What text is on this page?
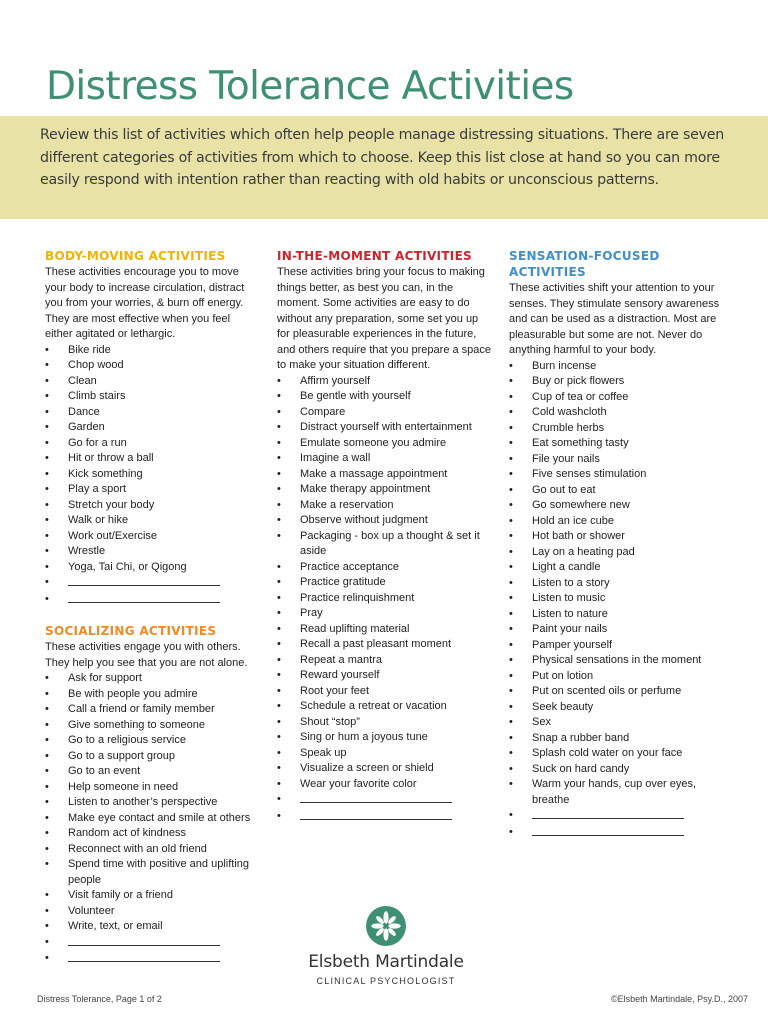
Distress Tolerance Activities
Review this list of activities which often help people manage distressing situations. There are seven different categories of activities from which to choose. Keep this list close at hand so you can more easily respond with intention rather than reacting with old habits or unconscious patterns.
BODY-MOVING ACTIVITIES
These activities encourage you to move your body to increase circulation, distract you from your worries, & burn off energy. They are most effective when you feel either agitated or lethargic.
• Bike ride
• Chop wood
• Clean
• Climb stairs
• Dance
• Garden
• Go for a run
• Hit or throw a ball
• Kick something
• Play a sport
• Stretch your body
• Walk or hike
• Work out/Exercise
• Wrestle
• Yoga, Tai Chi, or Qigong
•
•
IN-THE-MOMENT ACTIVITIES
These activities bring your focus to making things better, as best you can, in the moment. Some activities are easy to do without any preparation, some set you up for pleasurable experiences in the future, and others require that you prepare a space to make your situation different.
• Affirm yourself
• Be gentle with yourself
• Compare
• Distract yourself with entertainment
• Emulate someone you admire
• Imagine a wall
• Make a massage appointment
• Make therapy appointment
• Make a reservation
• Observe without judgment
• Packaging - box up a thought & set it aside
• Practice acceptance
• Practice gratitude
• Practice relinquishment
• Pray
• Read uplifting material
• Recall a past pleasant moment
• Repeat a mantra
• Reward yourself
• Root your feet
• Schedule a retreat or vacation
• Shout “stop”
• Sing or hum a joyous tune
• Speak up
• Visualize a screen or shield
• Wear your favorite color
•
•
SENSATION-FOCUSED ACTIVITIES
These activities shift your attention to your senses. They stimulate sensory awareness and can be used as a distraction. Most are pleasurable but some are not. Never do anything harmful to your body.
• Burn incense
• Buy or pick flowers
• Cup of tea or coffee
• Cold washcloth
• Crumble herbs
• Eat something tasty
• File your nails
• Five senses stimulation
• Go out to eat
• Go somewhere new
• Hold an ice cube
• Hot bath or shower
• Lay on a heating pad
• Light a candle
• Listen to a story
• Listen to music
• Listen to nature
• Paint your nails
• Pamper yourself
• Physical sensations in the moment
• Put on lotion
• Put on scented oils or perfume
• Seek beauty
• Sex
• Snap a rubber band
• Splash cold water on your face
• Suck on hard candy
• Warm your hands, cup over eyes, breathe
•
•
SOCIALIZING ACTIVITIES
These activities engage you with others. They help you see that you are not alone.
• Ask for support
• Be with people you admire
• Call a friend or family member
• Give something to someone
• Go to a religious service
• Go to a support group
• Go to an event
• Help someone in need
• Listen to another’s perspective
• Make eye contact and smile at others
• Random act of kindness
• Reconnect with an old friend
• Spend time with positive and uplifting people
• Visit family or a friend
• Volunteer
• Write, text, or email
•
•
Elsbeth Martindale
CLINICAL PSYCHOLOGIST
Distress Tolerance, Page 1 of 2	©Elsbeth Martindale, Psy.D., 2007
